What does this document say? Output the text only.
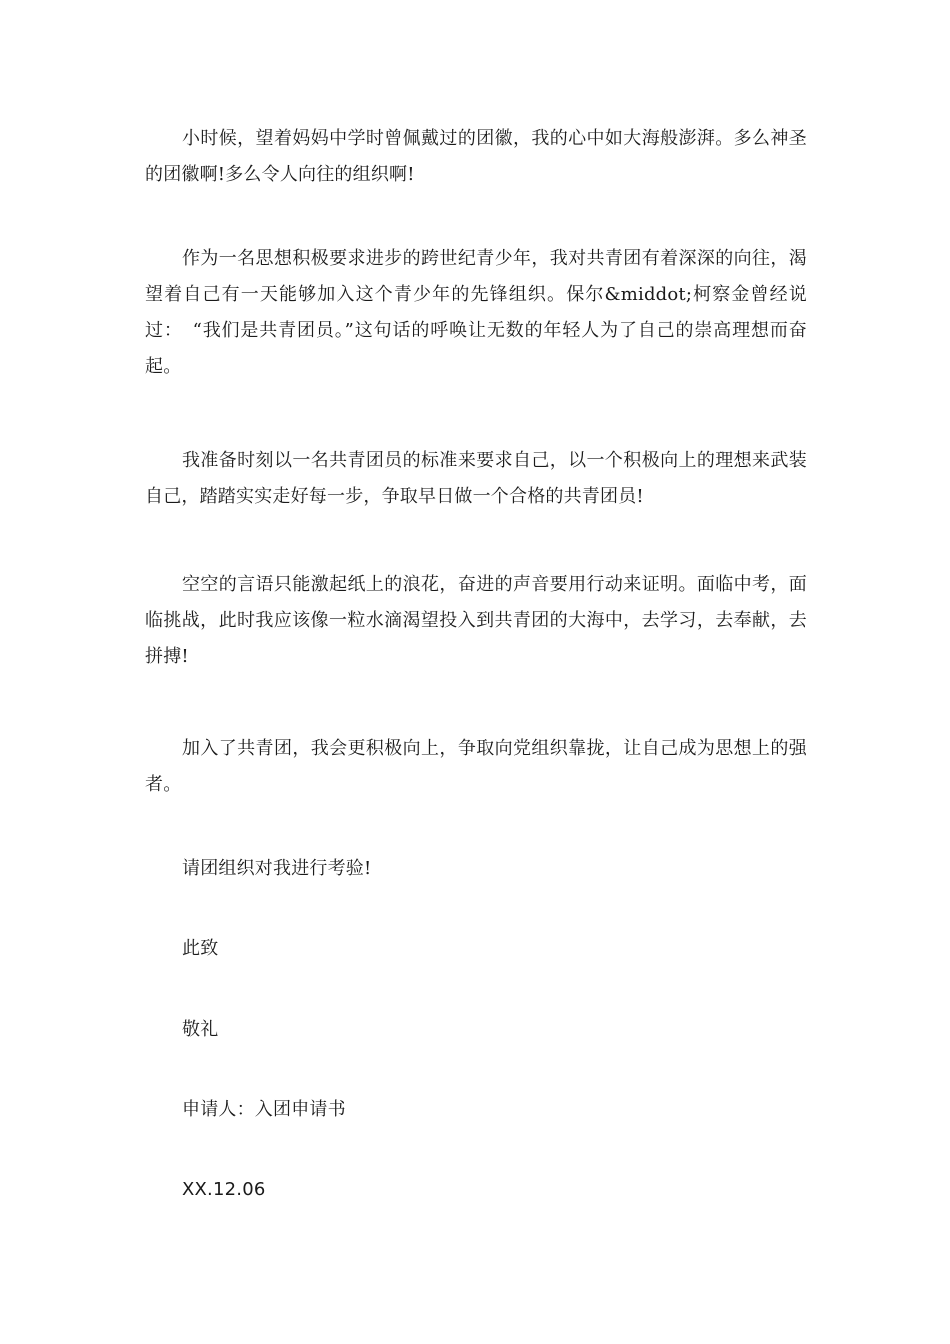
小时候，望着妈妈中学时曾佩戴过的团徽，我的心中如大海般澎湃。多么神圣的团徽啊!多么令人向往的组织啊!

作为一名思想积极要求进步的跨世纪青少年，我对共青团有着深深的向往，渴望着自己有一天能够加入这个青少年的先锋组织。保尔&middot;柯察金曾经说过：　“我们是共青团员。”这句话的呼唤让无数的年轻人为了自己的崇高理想而奋起。

我准备时刻以一名共青团员的标准来要求自己，以一个积极向上的理想来武装自己，踏踏实实走好每一步，争取早日做一个合格的共青团员!

空空的言语只能激起纸上的浪花，奋进的声音要用行动来证明。面临中考，面临挑战，此时我应该像一粒水滴渴望投入到共青团的大海中，去学习，去奉献，去拼搏!

加入了共青团，我会更积极向上，争取向党组织靠拢，让自己成为思想上的强者。

请团组织对我进行考验!

此致

敬礼

申请人：入团申请书

XX.12.06
